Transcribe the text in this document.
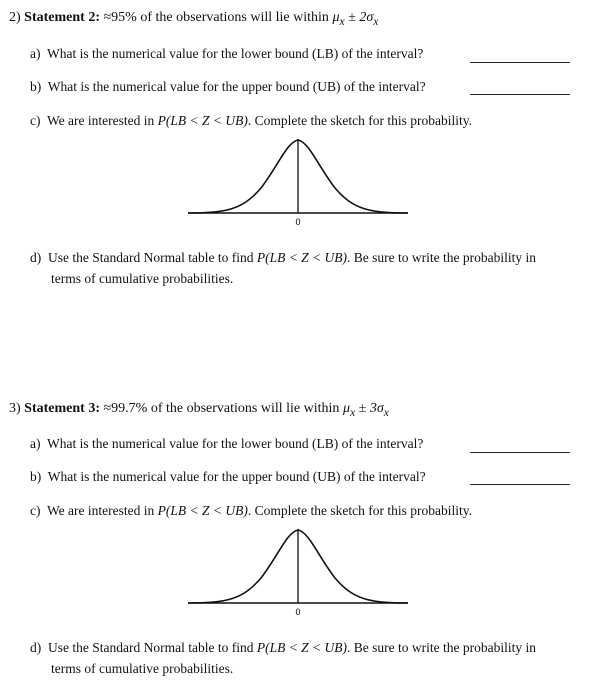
2) Statement 2: ≈95% of the observations will lie within $\mu_x \pm 2\sigma_x$
a) What is the numerical value for the lower bound (LB) of the interval?
b) What is the numerical value for the upper bound (UB) of the interval?
c) We are interested in P(LB < Z < UB). Complete the sketch for this probability.
0
d) Use the Standard Normal table to find P(LB < Z < UB). Be sure to write the probability in
terms of cumulative probabilities.
3) Statement 3: ≈99.7% of the observations will lie within $\mu_x \pm 3\sigma_x$
a) What is the numerical value for the lower bound (LB) of the interval?
b) What is the numerical value for the upper bound (UB) of the interval?
c) We are interested in P(LB < Z < UB). Complete the sketch for this probability.
0
d) Use the Standard Normal table to find P(LB < Z < UB). Be sure to write the probability in
terms of cumulative probabilities.
